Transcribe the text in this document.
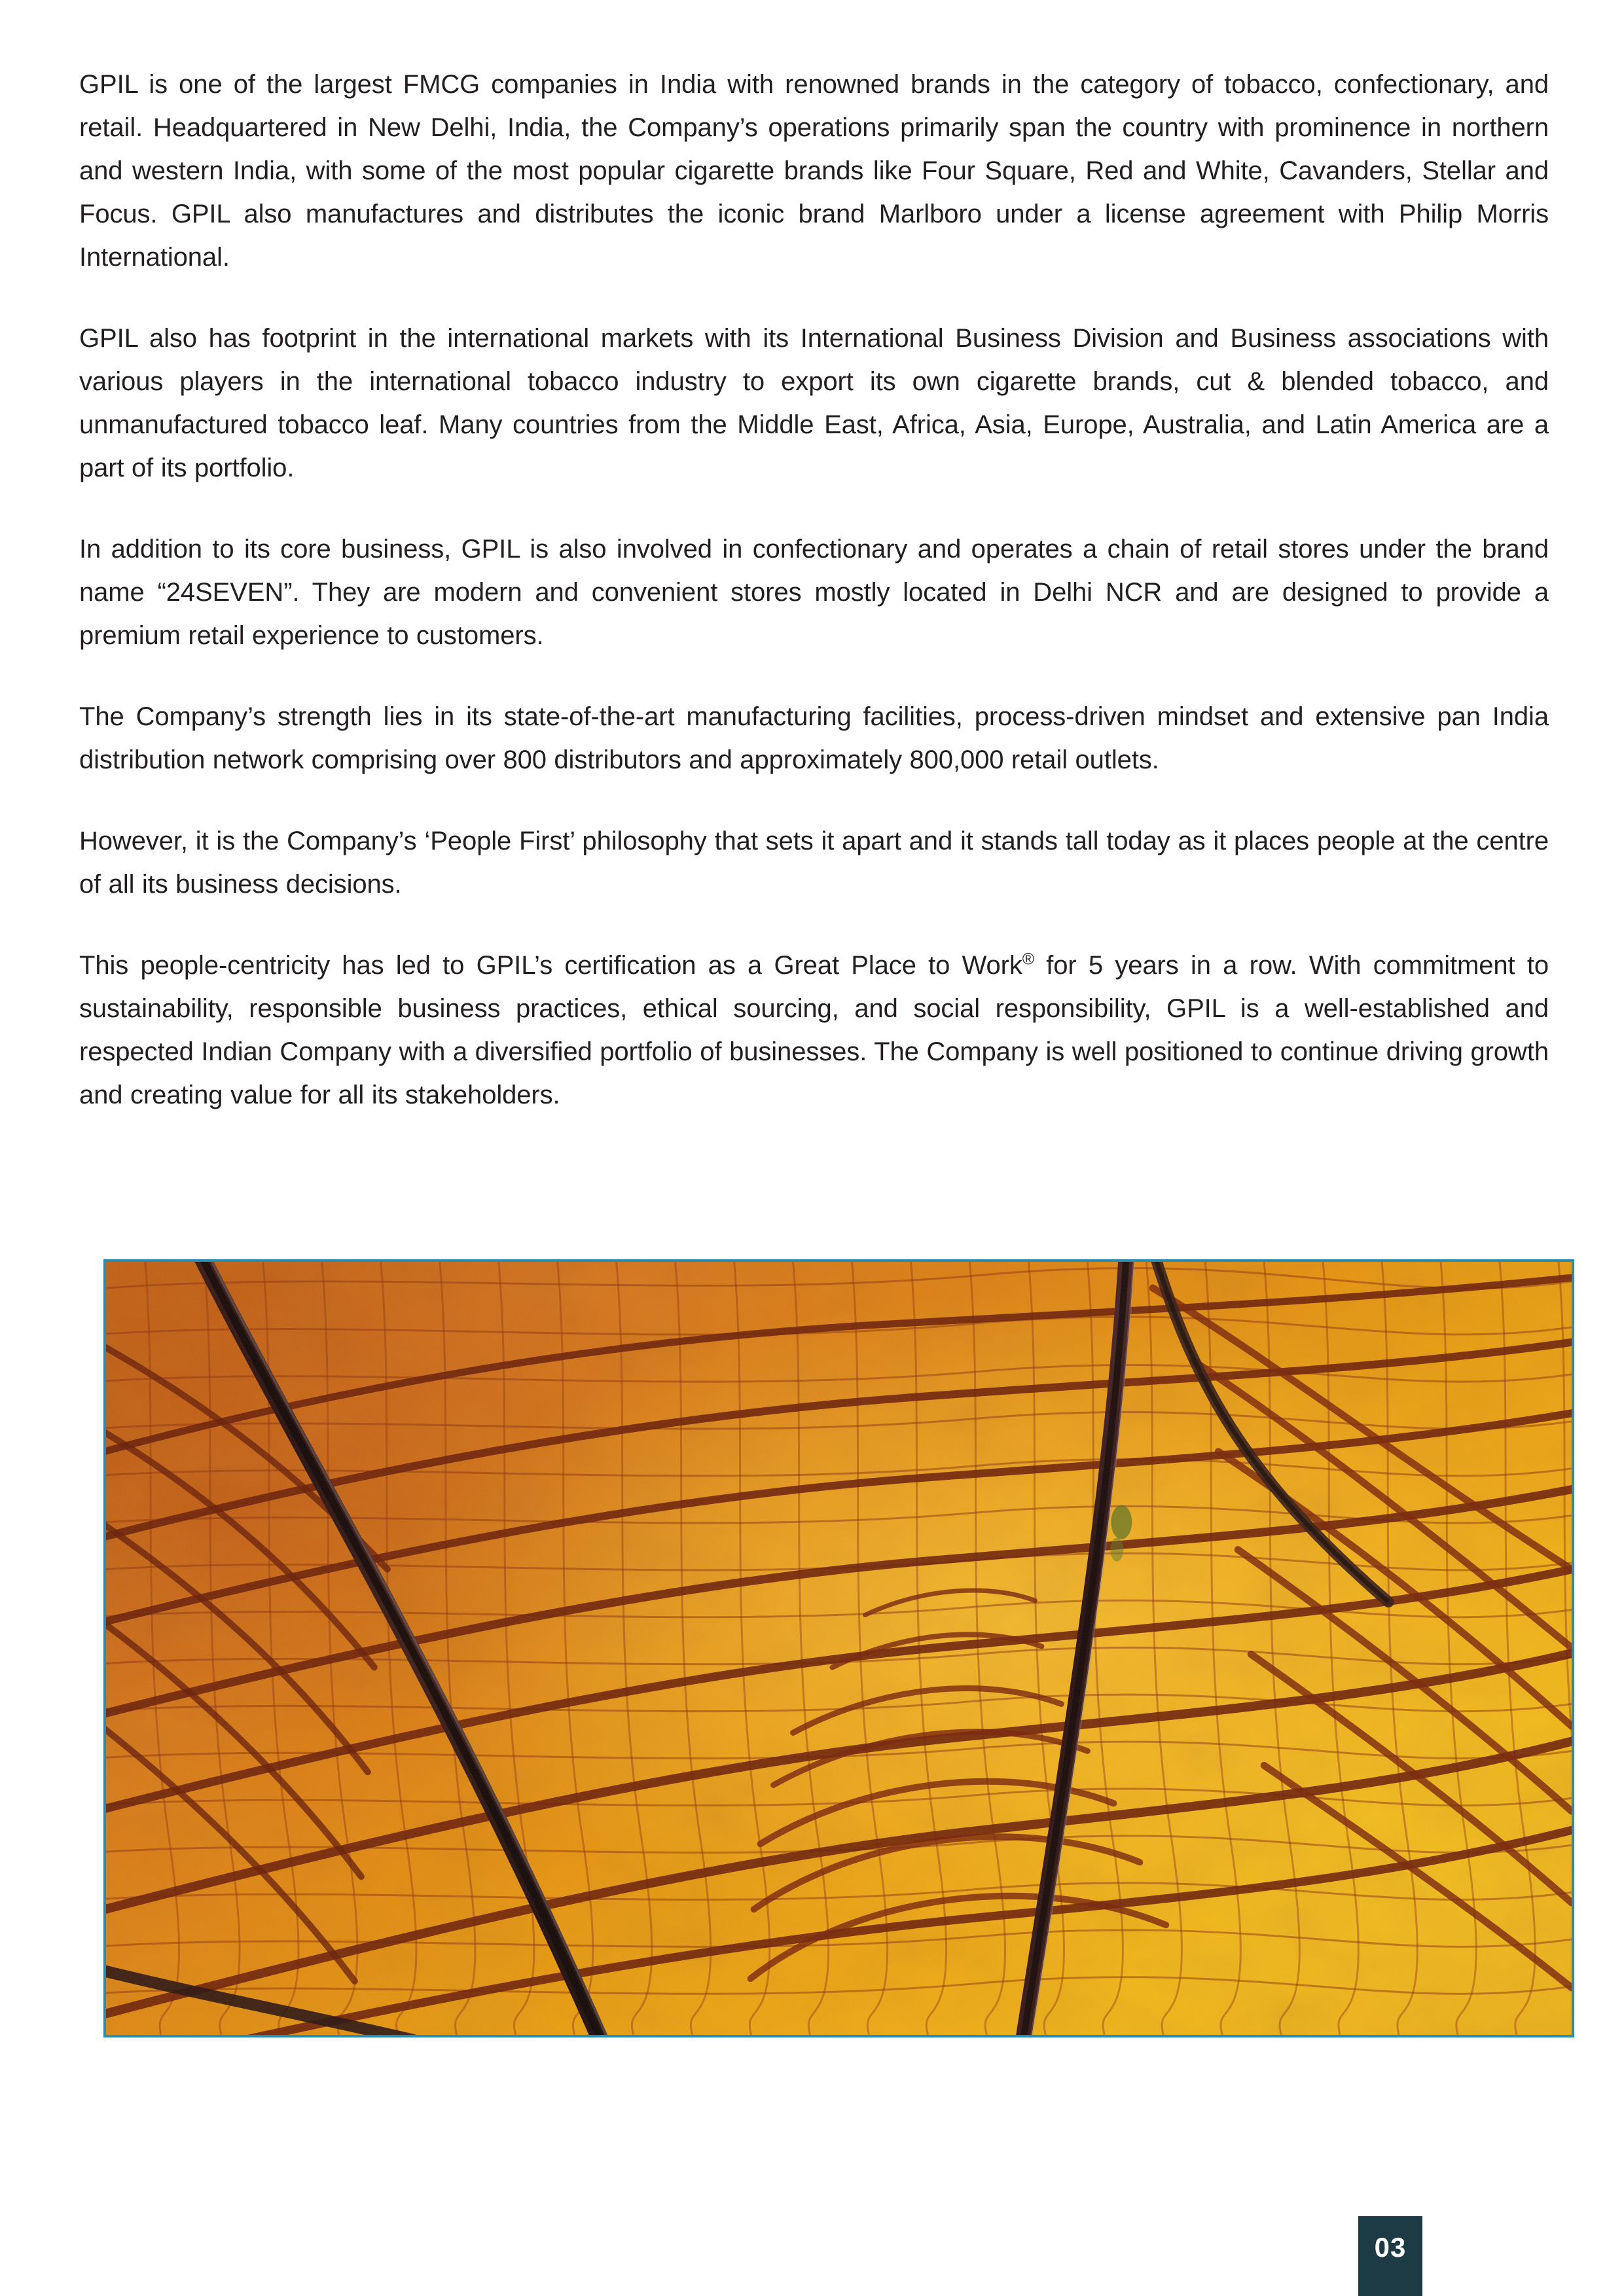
GPIL is one of the largest FMCG companies in India with renowned brands in the category of tobacco, confectionary, and retail. Headquartered in New Delhi, India, the Company’s operations primarily span the country with prominence in northern and western India, with some of the most popular cigarette brands like Four Square, Red and White, Cavanders, Stellar and Focus. GPIL also manufactures and distributes the iconic brand Marlboro under a license agreement with Philip Morris International.

GPIL also has footprint in the international markets with its International Business Division and Business associations with various players in the international tobacco industry to export its own cigarette brands, cut & blended tobacco, and unmanufactured tobacco leaf. Many countries from the Middle East, Africa, Asia, Europe, Australia, and Latin America are a part of its portfolio.

In addition to its core business, GPIL is also involved in confectionary and operates a chain of retail stores under the brand name “24SEVEN”. They are modern and convenient stores mostly located in Delhi NCR and are designed to provide a premium retail experience to customers.

The Company’s strength lies in its state-of-the-art manufacturing facilities, process-driven mindset and extensive pan India distribution network comprising over 800 distributors and approximately 800,000 retail outlets.

However, it is the Company’s ‘People First’ philosophy that sets it apart and it stands tall today as it places people at the centre of all its business decisions.

This people-centricity has led to GPIL’s certification as a Great Place to Work® for 5 years in a row. With commitment to sustainability, responsible business practices, ethical sourcing, and social responsibility, GPIL is a well-established and respected Indian Company with a diversified portfolio of businesses. The Company is well positioned to continue driving growth and creating value for all its stakeholders.

03
